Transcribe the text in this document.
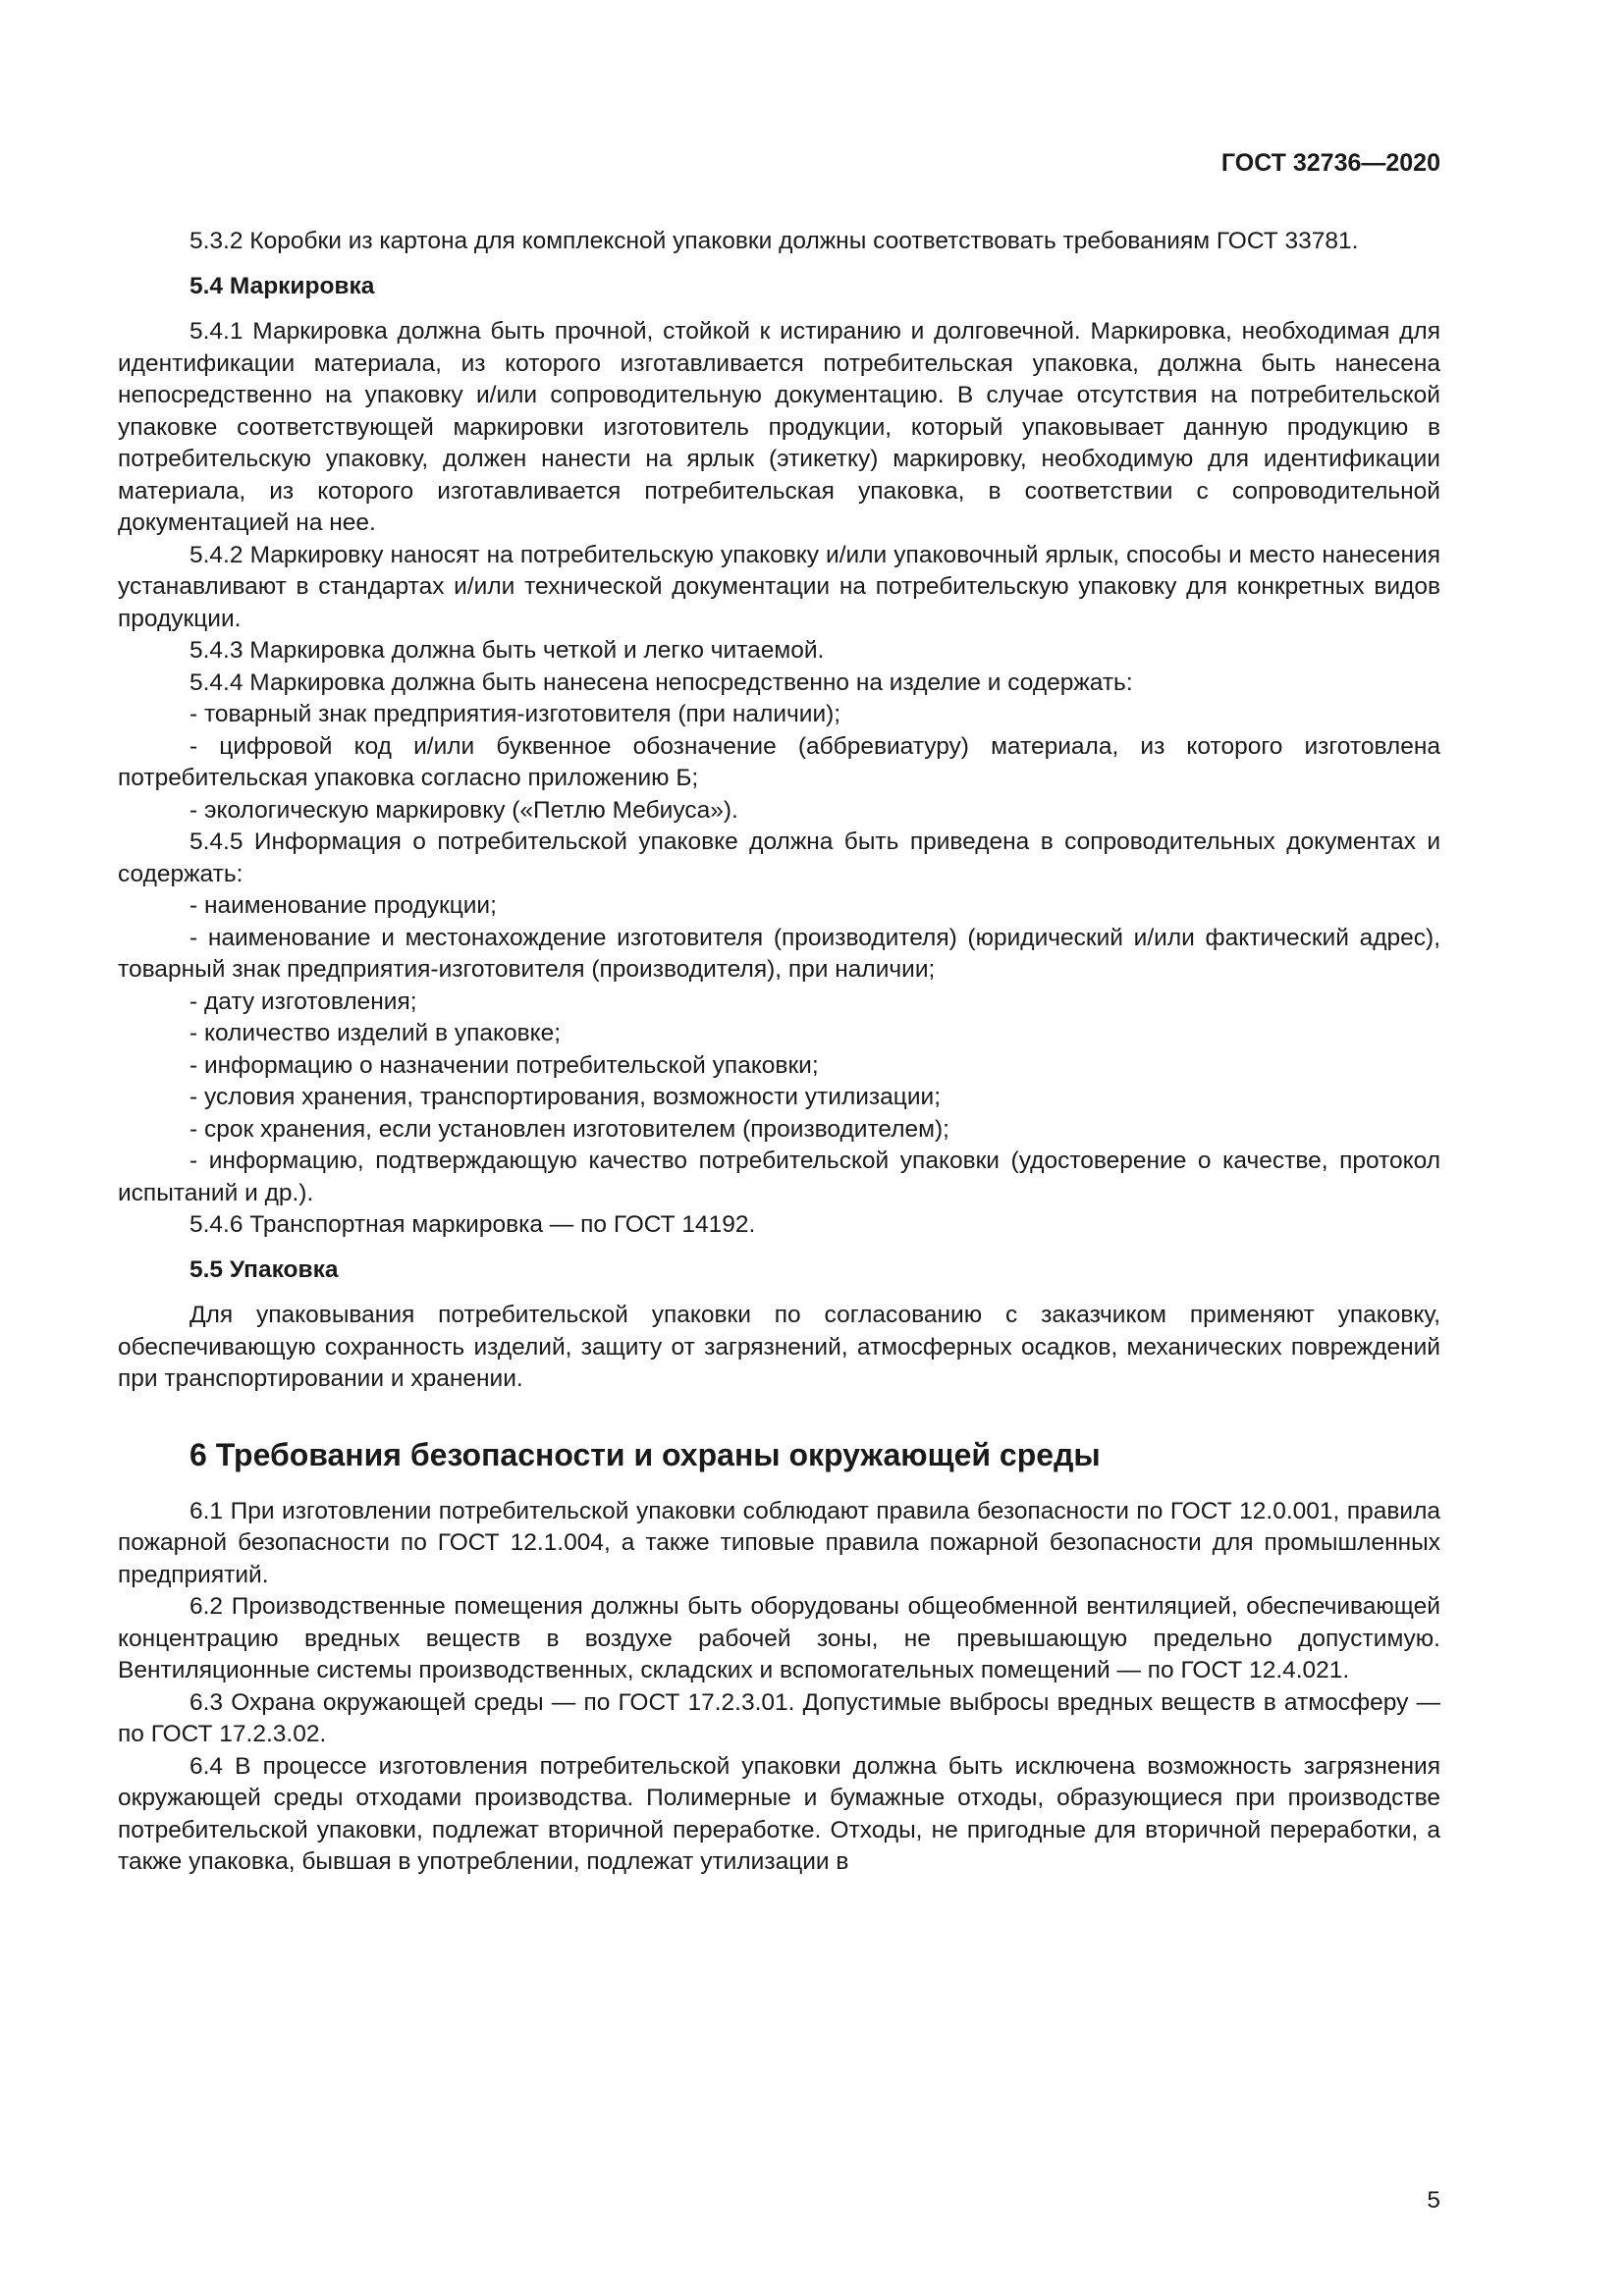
ГОСТ 32736—2020

5.3.2 Коробки из картона для комплексной упаковки должны соответствовать требованиям ГОСТ 33781.

5.4 Маркировка

5.4.1 Маркировка должна быть прочной, стойкой к истиранию и долговечной. Маркировка, необходимая для идентификации материала, из которого изготавливается потребительская упаковка, должна быть нанесена непосредственно на упаковку и/или сопроводительную документацию. В случае отсутствия на потребительской упаковке соответствующей маркировки изготовитель продукции, который упаковывает данную продукцию в потребительскую упаковку, должен нанести на ярлык (этикетку) маркировку, необходимую для идентификации материала, из которого изготавливается потребительская упаковка, в соответствии с сопроводительной документацией на нее.

5.4.2 Маркировку наносят на потребительскую упаковку и/или упаковочный ярлык, способы и место нанесения устанавливают в стандартах и/или технической документации на потребительскую упаковку для конкретных видов продукции.

5.4.3 Маркировка должна быть четкой и легко читаемой.

5.4.4 Маркировка должна быть нанесена непосредственно на изделие и содержать:

- товарный знак предприятия-изготовителя (при наличии);

- цифровой код и/или буквенное обозначение (аббревиатуру) материала, из которого изготовлена потребительская упаковка согласно приложению Б;

- экологическую маркировку («Петлю Мебиуса»).

5.4.5 Информация о потребительской упаковке должна быть приведена в сопроводительных документах и содержать:

- наименование продукции;

- наименование и местонахождение изготовителя (производителя) (юридический и/или фактический адрес), товарный знак предприятия-изготовителя (производителя), при наличии;

- дату изготовления;

- количество изделий в упаковке;

- информацию о назначении потребительской упаковки;

- условия хранения, транспортирования, возможности утилизации;

- срок хранения, если установлен изготовителем (производителем);

- информацию, подтверждающую качество потребительской упаковки (удостоверение о качестве, протокол испытаний и др.).

5.4.6 Транспортная маркировка — по ГОСТ 14192.

5.5 Упаковка

Для упаковывания потребительской упаковки по согласованию с заказчиком применяют упаковку, обеспечивающую сохранность изделий, защиту от загрязнений, атмосферных осадков, механических повреждений при транспортировании и хранении.

6 Требования безопасности и охраны окружающей среды

6.1 При изготовлении потребительской упаковки соблюдают правила безопасности по ГОСТ 12.0.001, правила пожарной безопасности по ГОСТ 12.1.004, а также типовые правила пожарной безопасности для промышленных предприятий.

6.2 Производственные помещения должны быть оборудованы общеобменной вентиляцией, обеспечивающей концентрацию вредных веществ в воздухе рабочей зоны, не превышающую предельно допустимую. Вентиляционные системы производственных, складских и вспомогательных помещений — по ГОСТ 12.4.021.

6.3 Охрана окружающей среды — по ГОСТ 17.2.3.01. Допустимые выбросы вредных веществ в атмосферу — по ГОСТ 17.2.3.02.

6.4 В процессе изготовления потребительской упаковки должна быть исключена возможность загрязнения окружающей среды отходами производства. Полимерные и бумажные отходы, образующиеся при производстве потребительской упаковки, подлежат вторичной переработке. Отходы, не пригодные для вторичной переработки, а также упаковка, бывшая в употреблении, подлежат утилизации в

5
